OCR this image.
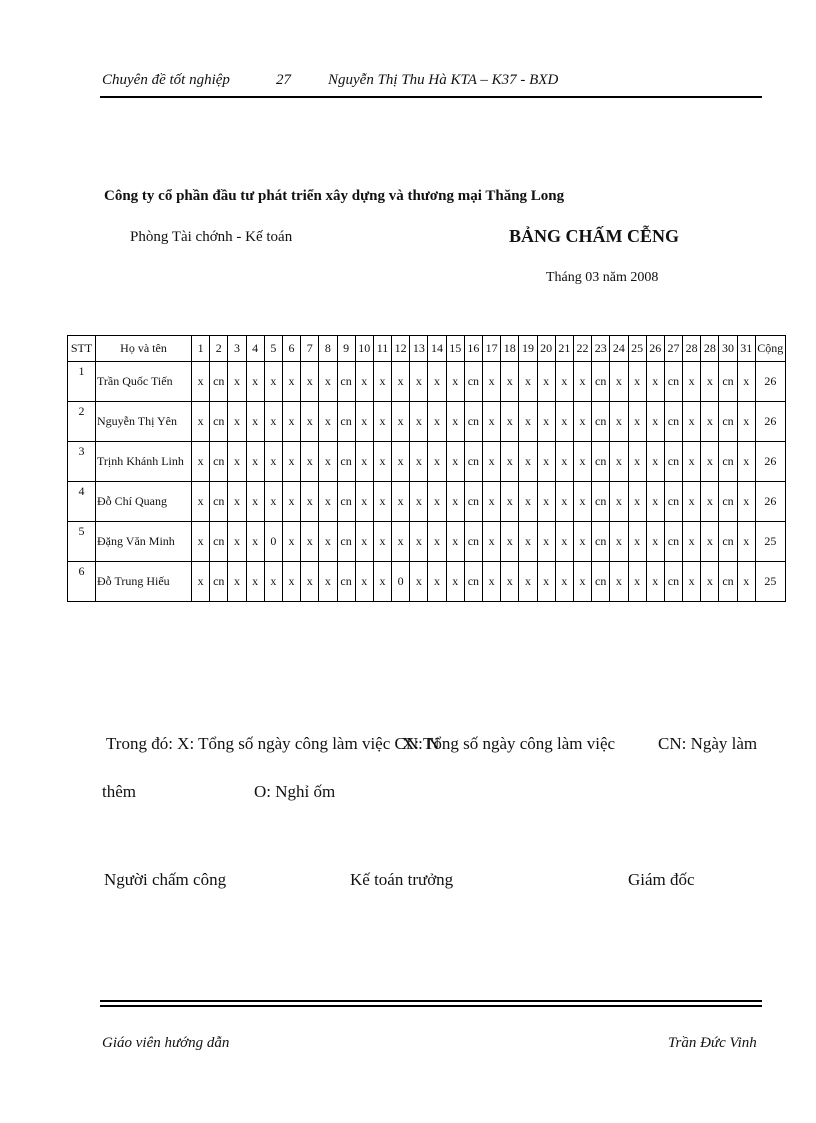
Chuyên đề tốt nghiệp	27 Nguyễn Thị Thu Hà KTA – K37 - BXD
Công ty cổ phần đầu tư phát triển xây dựng và thương mại Thăng Long
Phòng Tài chớnh - Kế toán	BẢNG CHẤM CỄNG
Tháng 03 năm 2008
STT	Họ và tên	1	2	3	4	5	6	7	8	9	10	11	12	13	14	15	16	17	18	19	20	21	22	23	24	25	26	27	28	28	30	31	Cộng
1	Trần Quốc Tiến	x	cn	x	x	x	x	x	x	cn	x	x	x	x	x	x	cn	x	x	x	x	x	x	cn	x	x	x	cn	x	x	cn	x	26
2	Nguyễn Thị Yên	x	cn	x	x	x	x	x	x	cn	x	x	x	x	x	x	cn	x	x	x	x	x	x	cn	x	x	x	cn	x	x	cn	x	26
3	Trịnh Khánh Linh	x	cn	x	x	x	x	x	x	cn	x	x	x	x	x	x	cn	x	x	x	x	x	x	cn	x	x	x	cn	x	x	cn	x	26
4	Đỗ Chí Quang	x	cn	x	x	x	x	x	x	cn	x	x	x	x	x	x	cn	x	x	x	x	x	x	cn	x	x	x	cn	x	x	cn	x	26
5	Đặng Văn Minh	x	cn	x	x	0	x	x	x	cn	x	x	x	x	x	x	cn	x	x	x	x	x	x	cn	x	x	x	cn	x	x	cn	x	25
6	Đỗ Trung Hiếu	x	cn	x	x	x	x	x	x	cn	x	x	0	x	x	x	cn	x	x	x	x	x	x	cn	x	x	x	cn	x	x	cn	x	25
Trong đó: X: Tổng số ngày công làm việc CN: N
X: Tổng số ngày công làm việc	CN: Ngày làm
thêm	O: Nghỉ ốm
Người chấm công	Kế toán trưởng	Giám đốc
Giáo viên hướng dẫn	Trần Đức Vinh
